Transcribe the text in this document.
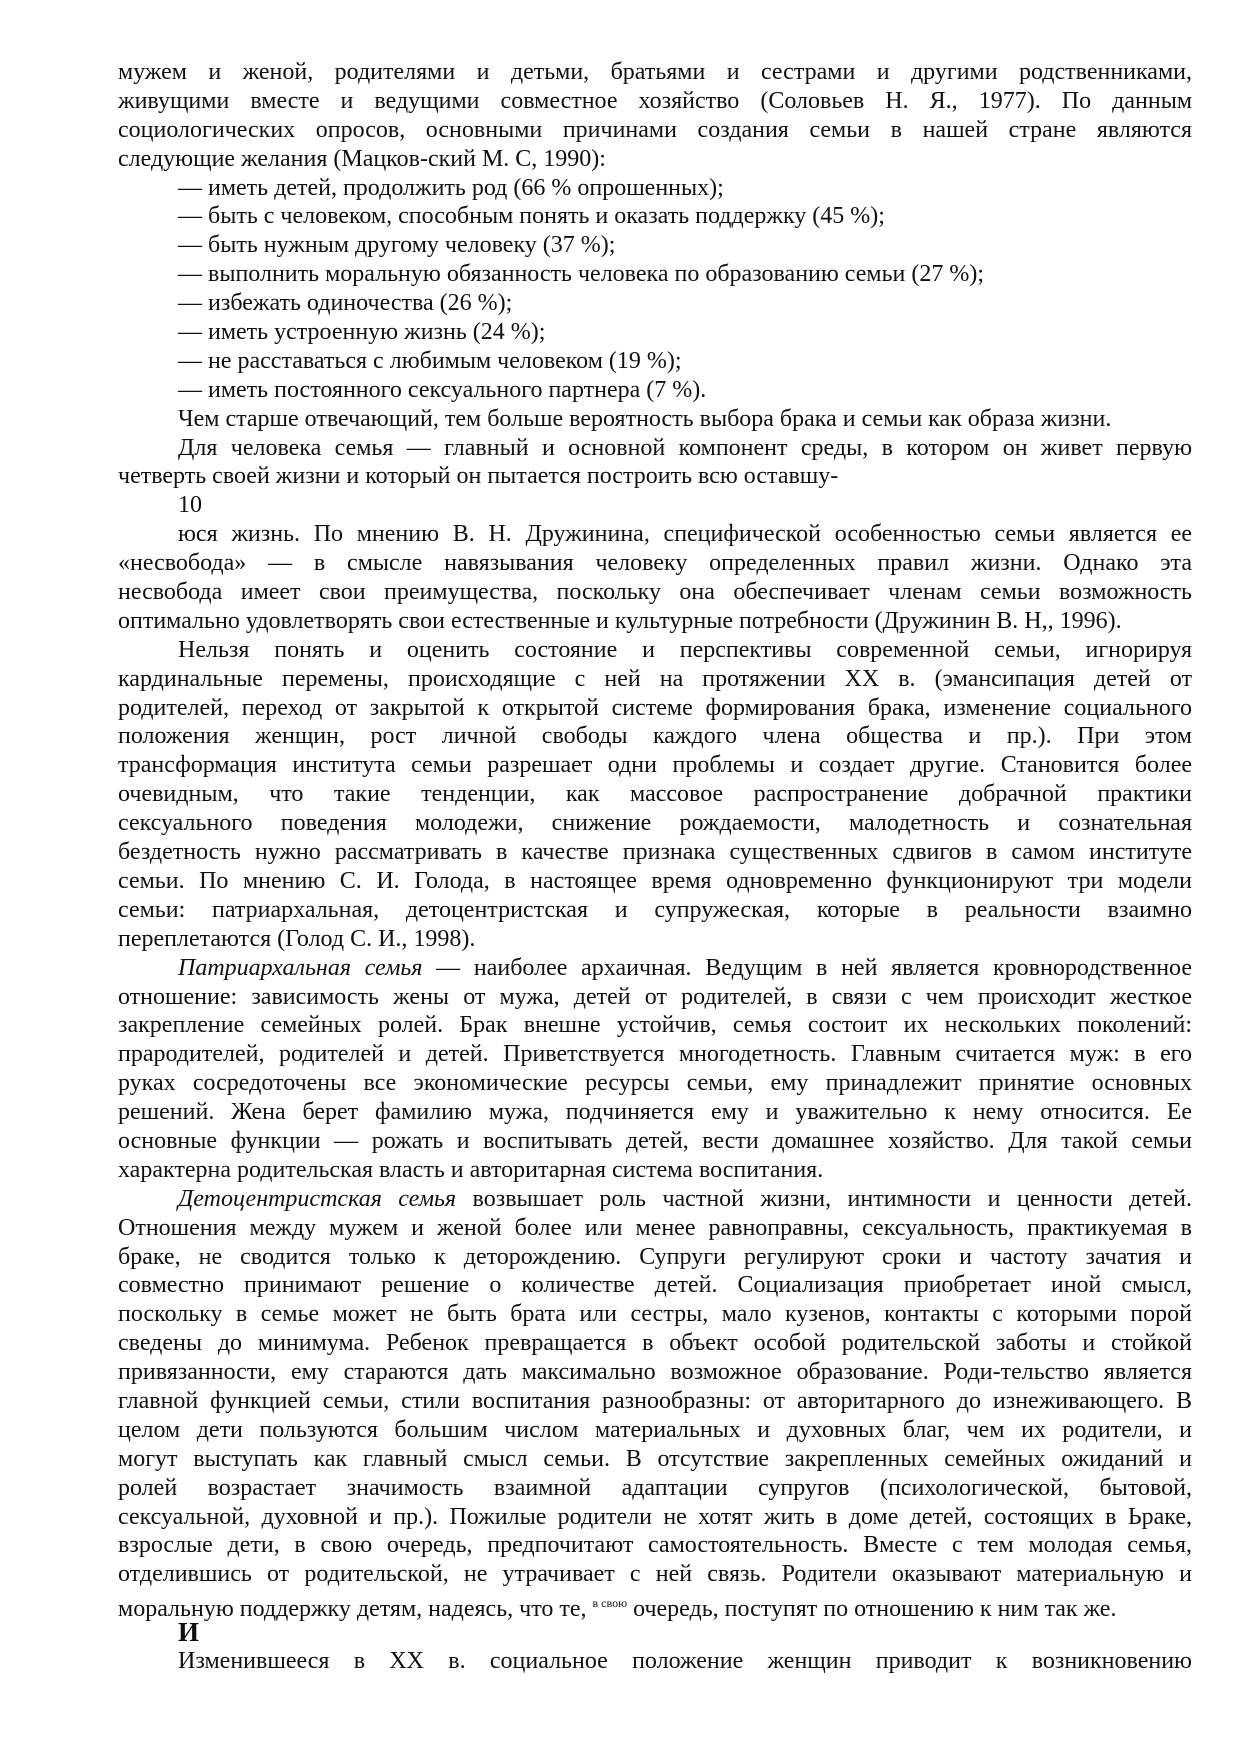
мужем и женой, родителями и детьми, братьями и сестрами и другими родственниками,
живущими вместе и ведущими совместное хозяйство (Соловьев Н. Я., 1977). По данным
социологических опросов, основными причинами создания семьи в нашей стране являются
следующие желания (Мацков-ский М. С, 1990):
— иметь детей, продолжить род (66 % опрошенных);
— быть с человеком, способным понять и оказать поддержку (45 %);
— быть нужным другому человеку (37 %);
— выполнить моральную обязанность человека по образованию семьи (27 %);
— избежать одиночества (26 %);
— иметь устроенную жизнь (24 %);
— не расставаться с любимым человеком (19 %);
— иметь постоянного сексуального партнера (7 %).
Чем старше отвечающий, тем больше вероятность выбора брака и семьи как образа жизни.
Для человека семья — главный и основной компонент среды, в котором он живет первую
четверть своей жизни и который он пытается построить всю оставшу-
10
юся жизнь. По мнению В. Н. Дружинина, специфической особенностью семьи является ее
«несвобода» — в смысле навязывания человеку определенных правил жизни. Однако эта
несвобода имеет свои преимущества, поскольку она обеспечивает членам семьи возможность
оптимально удовлетворять свои естественные и культурные потребности (Дружинин В. Н,, 1996).
Нельзя понять и оценить состояние и перспективы современной семьи, игнорируя
кардинальные перемены, происходящие с ней на протяжении XX в. (эмансипация детей от
родителей, переход от закрытой к открытой системе формирования брака, изменение социального
положения женщин, рост личной свободы каждого члена общества и пр.). При этом
трансформация института семьи разрешает одни проблемы и создает другие. Становится более
очевидным, что такие тенденции, как массовое распространение добрачной практики
сексуального поведения молодежи, снижение рождаемости, малодетность и сознательная
бездетность нужно рассматривать в качестве признака существенных сдвигов в самом институте
семьи. По мнению С. И. Голода, в настоящее время одновременно функционируют три модели
семьи: патриархальная, детоцентристская и супружеская, которые в реальности взаимно
переплетаются (Голод С. И., 1998).
Патриархальная семья — наиболее архаичная. Ведущим в ней является кровнородственное
отношение: зависимость жены от мужа, детей от родителей, в связи с чем происходит жесткое
закрепление семейных ролей. Брак внешне устойчив, семья состоит их нескольких поколений:
прародителей, родителей и детей. Приветствуется многодетность. Главным считается муж: в его
руках сосредоточены все экономические ресурсы семьи, ему принадлежит принятие основных
решений. Жена берет фамилию мужа, подчиняется ему и уважительно к нему относится. Ее
основные функции — рожать и воспитывать детей, вести домашнее хозяйство. Для такой семьи
характерна родительская власть и авторитарная система воспитания.
Детоцентристская семья возвышает роль частной жизни, интимности и ценности детей.
Отношения между мужем и женой более или менее равноправны, сексуальность, практикуемая в
браке, не сводится только к деторождению. Супруги регулируют сроки и частоту зачатия и
совместно принимают решение о количестве детей. Социализация приобретает иной смысл,
поскольку в семье может не быть брата или сестры, мало кузенов, контакты с которыми порой
сведены до минимума. Ребенок превращается в объект особой родительской заботы и стойкой
привязанности, ему стараются дать максимально возможное образование. Роди-тельство является
главной функцией семьи, стили воспитания разнообразны: от авторитарного до изнеживающего. В
целом дети пользуются большим числом материальных и духовных благ, чем их родители, и
могут выступать как главный смысл семьи. В отсутствие закрепленных семейных ожиданий и
ролей возрастает значимость взаимной адаптации супругов (психологической, бытовой,
сексуальной, духовной и пр.). Пожилые родители не хотят жить в доме детей, состоящих в Ьраке,
взрослые дети, в свою очередь, предпочитают самостоятельность. Вместе с тем молодая семья,
отделившись от родительской, не утрачивает с ней связь. Родители оказывают материальную и
моральную поддержку детям, надеясь, что те, $^{в свою}$ очередь, поступят по отношению к ним так же.
И
Изменившееся в XX в. социальное положение женщин приводит к возникновению
